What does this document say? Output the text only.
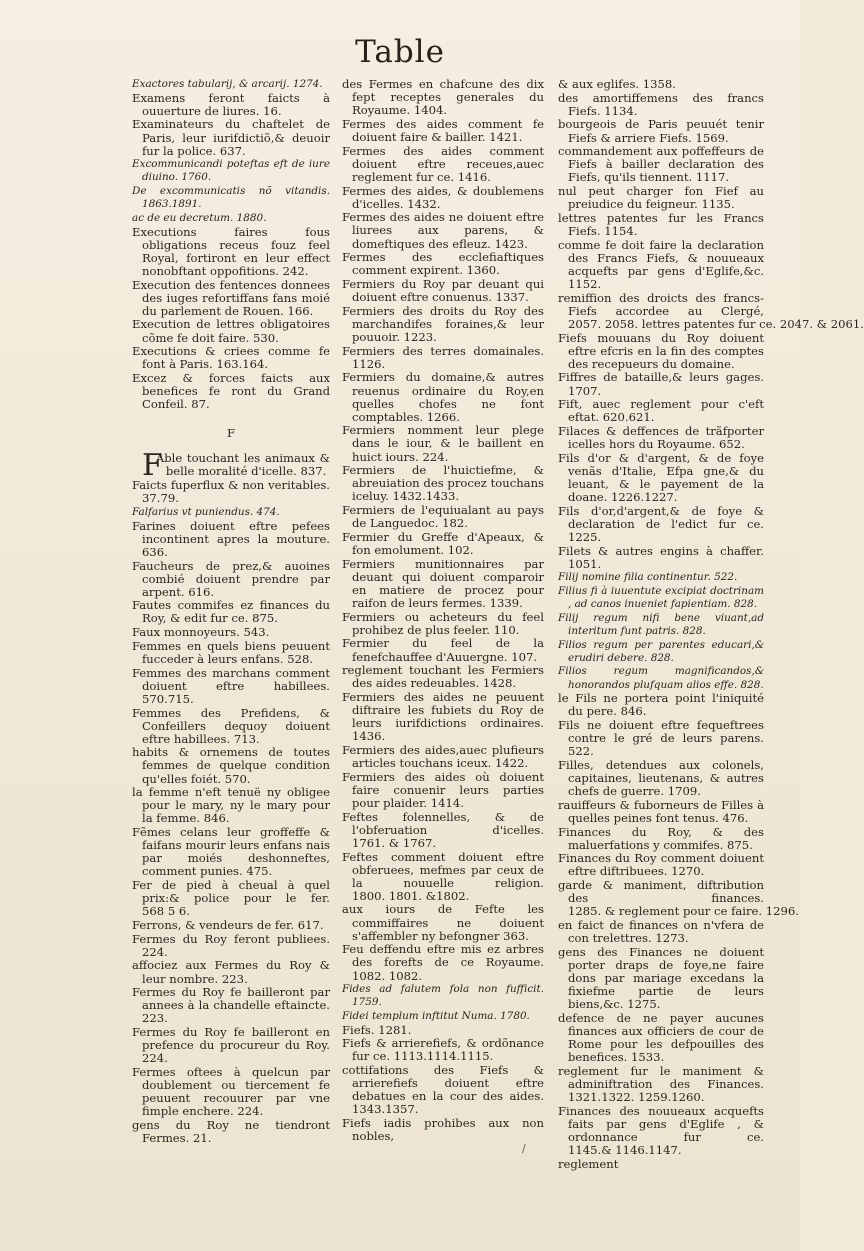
Table
Exactores tabularij, & arcarij. 1274.
Examens feront faicts à ouuerture de liures. 16.
Examinateurs du chaftelet de Paris, leur iurifdictiõ,& deuoir fur la police. 637.
Excommunicandi poteftas eft de iure diuino. 1760.
De excommunicatis nõ vitandis. 1863.1891.
ac de eu decretum. 1880.
Executions faires fous obligations receus fouz feel Royal, fortiront en leur effect nonobftant oppofitions. 242.
Execution des fentences donnees des iuges refortiffans fans moié du parlement de Rouen. 166.
Execution de lettres obligatoires cõme fe doit faire. 530.
Executions & criees comme fe font à Paris. 163.164.
Excez & forces faicts aux benefices fe ront du Grand Confeil. 87.
F
F
Able touchant les animaux & belle moralité d'icelle. 837.
Faicts fuperflux & non veritables. 37.79.
Falfarius vt puniendus. 474.
Farines doiuent eftre pefees incontinent apres la mouture. 636.
Faucheurs de prez,& auoines combié doiuent prendre par arpent. 616.
Fautes commifes ez finances du Roy, & edit fur ce. 875.
Faux monnoyeurs. 543.
Femmes en quels biens peuuent fucceder à leurs enfans. 528.
Femmes des marchans comment doiuent eftre habillees. 570.715.
Femmes des Prefidens, & Confeillers dequoy doiuent eftre habillees. 713.
habits & ornemens de toutes femmes de quelque condition qu'elles foiét. 570.
la femme n'eft tenuë ny obligee pour le mary, ny le mary pour la femme. 846.
Fẽmes celans leur groffeffe & faifans mourir leurs enfans nais par moiés deshonneftes, comment punies. 475.
Fer de pied à cheual à quel prix:& police pour le fer. 568 5 6.
Ferrons, & vendeurs de fer. 617.
Fermes du Roy feront publiees. 224.
affociez aux Fermes du Roy & leur nombre. 223.
Fermes du Roy fe bailleront par annees à la chandelle eftaincte. 223.
Fermes du Roy fe bailleront en prefence du procureur du Roy. 224.
Fermes oftees à quelcun par doublement ou tiercement fe peuuent recouurer par vne fimple enchere. 224.
gens du Roy ne tiendront Fermes. 21.
des Fermes en chafcune des dix fept receptes generales du Royaume. 1404.
Fermes des aides comment fe doiuent faire & bailler. 1421.
Fermes des aides comment doiuent eftre receues,auec reglement fur ce. 1416.
Fermes des aides, & doublemens d'icelles. 1432.
Fermes des aides ne doiuent eftre liurees aux parens, & domeftiques des efleuz. 1423.
Fermes des ecclefiaftiques comment expirent. 1360.
Fermiers du Roy par deuant qui doiuent eftre conuenus. 1337.
Fermiers des droits du Roy des marchandifes foraines,& leur pouuoir. 1223.
Fermiers des terres domainales. 1126.
Fermiers du domaine,& autres reuenus ordinaire du Roy,en quelles chofes ne font comptables. 1266.
Fermiers nomment leur plege dans le iour, & le baillent en huict iours. 224.
Fermiers de l'huictiefme, & abreuiation des procez touchans iceluy. 1432.1433.
Fermiers de l'equiualant au pays de Languedoc. 182.
Fermier du Greffe d'Apeaux, & fon emolument. 102.
Fermiers munitionnaires par deuant qui doiuent comparoir en matiere de procez pour raifon de leurs fermes. 1339.
Fermiers ou acheteurs du feel prohibez de plus feeler. 110.
Fermier du feel de la fenefchauffee d'Auuergne. 107.
reglement touchant les Fermiers des aides redeuables. 1428.
Fermiers des aides ne peuuent diftraire les fubiets du Roy de leurs iurifdictions ordinaires. 1436.
Fermiers des aides,auec plufieurs articles touchans iceux. 1422.
Fermiers des aides où doiuent faire conuenir leurs parties pour plaider. 1414.
Feftes folennelles, & de l'obferuation d'icelles. 1761. & 1767.
Feftes comment doiuent eftre obferuees, mefmes par ceux de la nouuelle religion. 1800. 1801. &1802.
aux iours de Fefte les commiffaires ne doiuent s'affembler ny befongner 363.
Feu deffendu eftre mis ez arbres des forefts de ce Royaume. 1082. 1082.
Fides ad falutem fola non fufficit. 1759.
Fidei templum inftitut Numa. 1780.
Fiefs. 1281.
Fiefs & arrierefiefs, & ordõnance fur ce. 1113.1114.1115.
cottifations des Fiefs & arrierefiefs doiuent eftre debatues en la cour des aides. 1343.1357.
Fiefs iadis prohibes aux non nobles,
& aux eglifes. 1358.
des amortiffemens des francs Fiefs. 1134.
bourgeois de Paris peuuét tenir Fiefs & arriere Fiefs. 1569.
commandement aux poffeffeurs de Fiefs à bailler declaration des Fiefs, qu'ils tiennent. 1117.
nul peut charger fon Fief au preiudice du feigneur. 1135.
lettres patentes fur les Francs Fiefs. 1154.
comme fe doit faire la declaration des Francs Fiefs, & nouueaux acquefts par gens d'Eglife,&c. 1152.
remiffion des droicts des francs-Fiefs accordee au Clergé, 2057. 2058. lettres patentes fur ce. 2047. & 2061.
Fiefs mouuans du Roy doiuent eftre efcris en la fin des comptes des recepueurs du domaine.
Fiffres de bataille,& leurs gages. 1707.
Fift, auec reglement pour c'eft eftat. 620.621.
Filaces & deffences de trãfporter icelles hors du Royaume. 652.
Fils d'or & d'argent, & de foye venãs d'Italie, Efpa gne,& du leuant, & le payement de la doane. 1226.1227.
Fils d'or,d'argent,& de foye & declaration de l'edict fur ce. 1225.
Filets & autres engins à chaffer. 1051.
Filij nomine filia continentur. 522.
Filius fi à iuuentute excipiat doctrinam , ad canos inueniet fapientiam. 828.
Filij regum nifi bene viuant,ad interitum funt patris. 828.
Filios regum per parentes educari,& erudiri debere. 828.
Filios regum magnificandos,& honorandos plufquam alios effe. 828.
le Fils ne portera point l'iniquité du pere. 846.
Fils ne doiuent eftre fequeftrees contre le gré de leurs parens. 522.
Filles, detendues aux colonels, capitaines, lieutenans, & autres chefs de guerre. 1709.
rauiffeurs & fuborneurs de Filles à quelles peines font tenus. 476.
Finances du Roy, & des maluerfations y commifes. 875.
Finances du Roy comment doiuent eftre diftribuees. 1270.
garde & maniment, diftribution des finances. 1285. & reglement pour ce faire. 1296.
en faict de finances on n'vfera de con trelettres. 1273.
gens des Finances ne doiuent porter draps de foye,ne faire dons par mariage excedans la fixiefme partie de leurs biens,&c. 1275.
defence de ne payer aucunes finances aux officiers de cour de Rome pour les defpouilles des benefices. 1533.
reglement fur le maniment & adminiftration des Finances. 1321.1322. 1259.1260.
Finances des nouueaux acquefts faits par gens d'Eglife , & ordonnance fur ce. 1145.& 1146.1147.
reglement
/
